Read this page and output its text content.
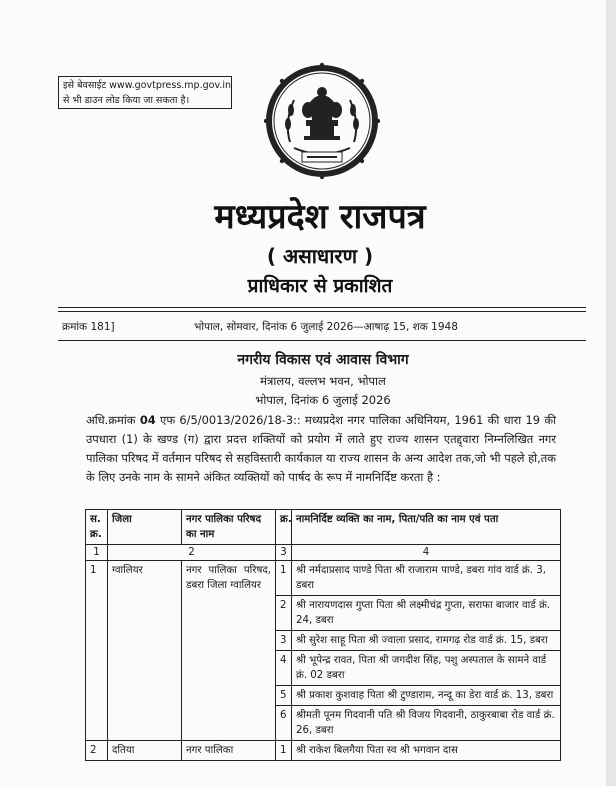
इसे बेवसाईट www.govtpress.mp.gov.in
से भी डाउन लोड किया जा सकता है।
मध्यप्रदेश राजपत्र
( असाधारण )
प्राधिकार से प्रकाशित
क्रमांक 181]	भोपाल, सोमवार, दिनांक 6 जुलाई 2026—आषाढ़ 15, शक 1948
नगरीय विकास एवं आवास विभाग
मंत्रालय, वल्लभ भवन, भोपाल
भोपाल, दिनांक 6 जुलाई 2026
अधि.क्रमांक 04 एफ 6/5/0013/2026/18-3:: मध्यप्रदेश नगर पालिका अधिनियम, 1961 की धारा 19 की उपधारा (1) के खण्ड (ग) द्वारा प्रदत्त शक्तियों को प्रयोग में लाते हुए राज्य शासन एतद्द्वारा निम्नलिखित नगर पालिका परिषद में वर्तमान परिषद से सहविस्तारी कार्यकाल या राज्य शासन के अन्य आदेश तक,जो भी पहले हो,तक के लिए उनके नाम के सामने अंकित व्यक्तियों को पार्षद के रूप में नामनिर्दिष्ट करता है :
स. क्र.	जिला	नगर पालिका परिषद का नाम	क्र.	नामनिर्दिष्ट व्यक्ति का नाम, पिता/पति का नाम एवं पता
1	2		3	4
1	ग्वालियर	नगर पालिका परिषद, डबरा जिला ग्वालियर	1	श्री नर्मदाप्रसाद पाण्डे पिता श्री राजाराम पाण्डे, डबरा गांव वार्ड क्रं. 3, डबरा
			2	श्री नारायणदास गुप्ता पिता श्री लक्ष्मीचंद्र गुप्ता, सराफा बाजार वार्ड क्रं. 24, डबरा
			3	श्री सुरेश साहू पिता श्री ज्वाला प्रसाद, रामगढ़ रोड वार्ड क्रं. 15, डबरा
			4	श्री भूपेन्द्र रावत, पिता श्री जगदीश सिंह, पशु अस्पताल के सामने वार्ड क्रं. 02 डबरा
			5	श्री प्रकाश कुशवाह पिता श्री टुण्डाराम, नन्दू का डेरा वार्ड क्रं. 13, डबरा
			6	श्रीमती पूनम गिदवानी पति श्री विजय गिदवानी, ठाकुरबाबा रोड वार्ड क्रं. 26, डबरा
2	दतिया	नगर पालिका	1	श्री राकेश बिलगैया पिता स्व श्री भगवान दास
